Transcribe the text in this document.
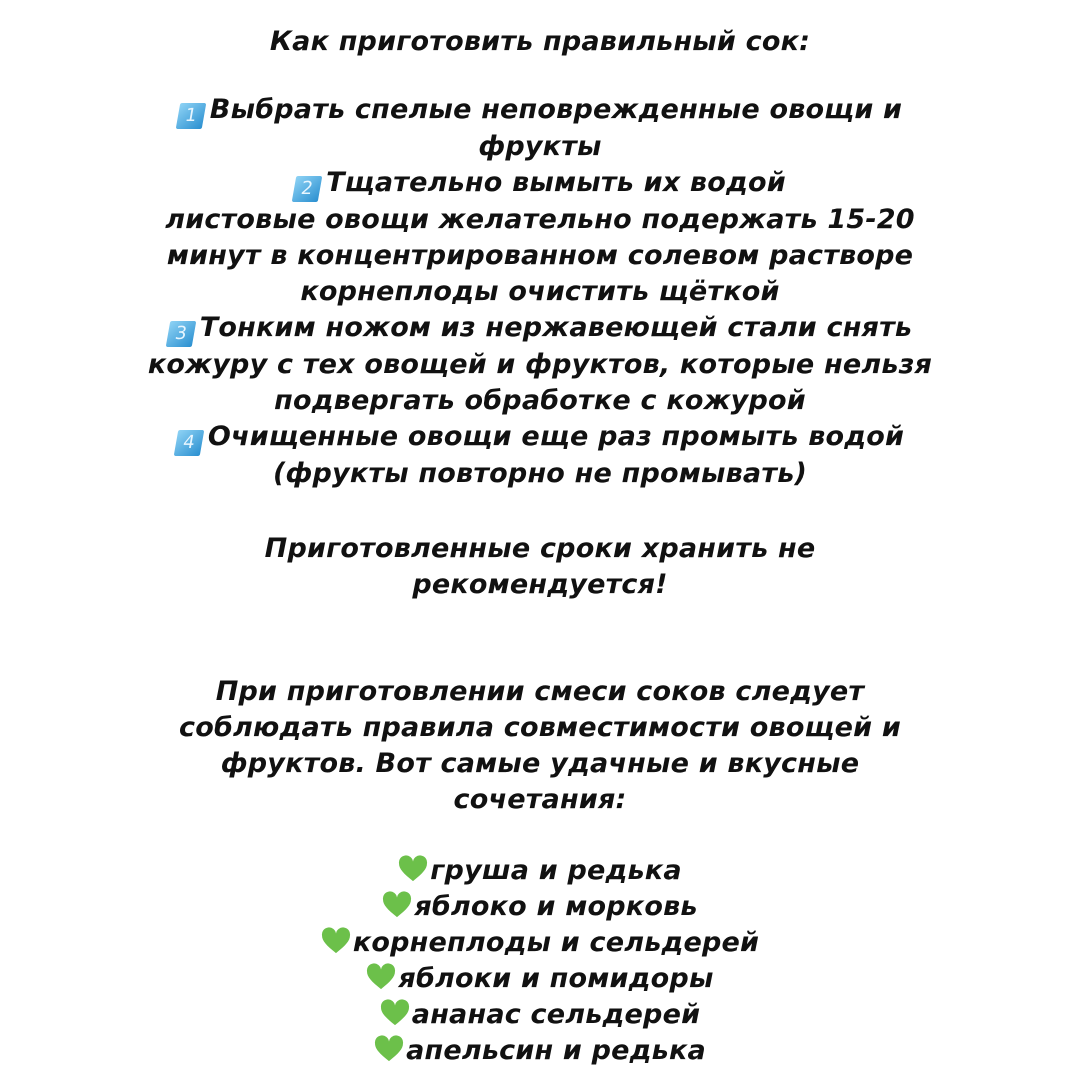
Как приготовить правильный сок:
1 Выбрать спелые неповрежденные овощи и
фрукты
2 Тщательно вымыть их водой
листовые овощи желательно подержать 15-20
минут в концентрированном солевом растворе
корнеплоды очистить щёткой
3 Тонким ножом из нержавеющей стали снять
кожуру с тех овощей и фруктов, которые нельзя
подвергать обработке с кожурой
4 Очищенные овощи еще раз промыть водой
(фрукты повторно не промывать)
Приготовленные сроки хранить не
рекомендуется!
При приготовлении смеси соков следует
соблюдать правила совместимости овощей и
фруктов. Вот самые удачные и вкусные
сочетания:
груша и редька
яблоко и морковь
корнеплоды и сельдерей
яблоки и помидоры
ананас сельдерей
апельсин и редька
